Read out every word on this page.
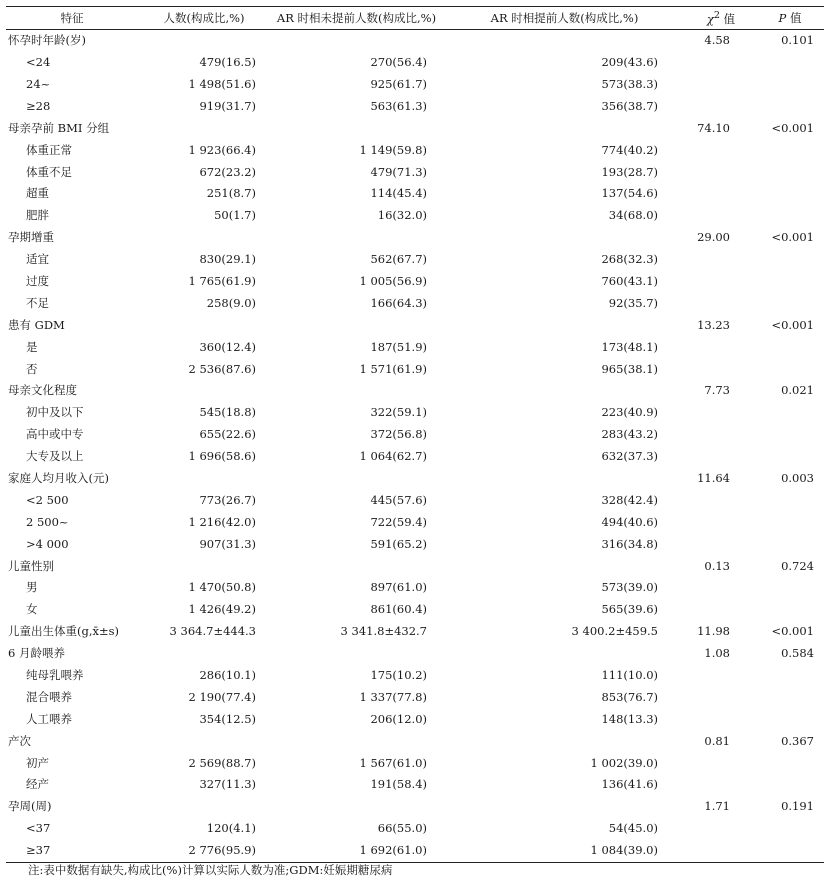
特征	人数(构成比,%)	AR 时相未提前人数(构成比,%)	AR 时相提前人数(构成比,%)	$\chi^2$ 值	P 值
怀孕时年龄(岁)				4.58	0.101
<24	479(16.5)	270(56.4)	209(43.6)		
24~	1 498(51.6)	925(61.7)	573(38.3)		
≥28	919(31.7)	563(61.3)	356(38.7)		
母亲孕前 BMI 分组				74.10	<0.001
体重正常	1 923(66.4)	1 149(59.8)	774(40.2)		
体重不足	672(23.2)	479(71.3)	193(28.7)		
超重	251(8.7)	114(45.4)	137(54.6)		
肥胖	50(1.7)	16(32.0)	34(68.0)		
孕期增重				29.00	<0.001
适宜	830(29.1)	562(67.7)	268(32.3)		
过度	1 765(61.9)	1 005(56.9)	760(43.1)		
不足	258(9.0)	166(64.3)	92(35.7)		
患有 GDM				13.23	<0.001
是	360(12.4)	187(51.9)	173(48.1)		
否	2 536(87.6)	1 571(61.9)	965(38.1)		
母亲文化程度				7.73	0.021
初中及以下	545(18.8)	322(59.1)	223(40.9)		
高中或中专	655(22.6)	372(56.8)	283(43.2)		
大专及以上	1 696(58.6)	1 064(62.7)	632(37.3)		
家庭人均月收入(元)				11.64	0.003
<2 500	773(26.7)	445(57.6)	328(42.4)		
2 500~	1 216(42.0)	722(59.4)	494(40.6)		
>4 000	907(31.3)	591(65.2)	316(34.8)		
儿童性别				0.13	0.724
男	1 470(50.8)	897(61.0)	573(39.0)		
女	1 426(49.2)	861(60.4)	565(39.6)		
儿童出生体重(g,x̄±s)	3 364.7±444.3	3 341.8±432.7	3 400.2±459.5	11.98	<0.001
6 月龄喂养				1.08	0.584
纯母乳喂养	286(10.1)	175(10.2)	111(10.0)		
混合喂养	2 190(77.4)	1 337(77.8)	853(76.7)		
人工喂养	354(12.5)	206(12.0)	148(13.3)		
产次				0.81	0.367
初产	2 569(88.7)	1 567(61.0)	1 002(39.0)		
经产	327(11.3)	191(58.4)	136(41.6)		
孕周(周)				1.71	0.191
<37	120(4.1)	66(55.0)	54(45.0)		
≥37	2 776(95.9)	1 692(61.0)	1 084(39.0)		
注:表中数据有缺失,构成比(%)计算以实际人数为准;GDM:妊娠期糖尿病
